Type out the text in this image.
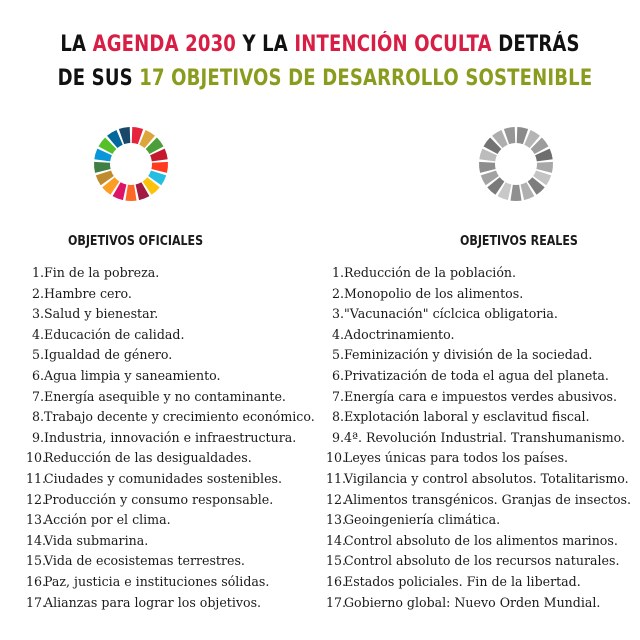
LA AGENDA 2030 Y LA INTENCIÓN OCULTA DETRÁS
DE SUS 17 OBJETIVOS DE DESARROLLO SOSTENIBLE
OBJETIVOS OFICIALES	OBJETIVOS REALES
1. Fin de la pobreza.
2. Hambre cero.
3. Salud y bienestar.
4. Educación de calidad.
5. Igualdad de género.
6. Agua limpia y saneamiento.
7. Energía asequible y no contaminante.
8. Trabajo decente y crecimiento económico.
9. Industria, innovación e infraestructura.
10.
Reducción de las desigualdades.
11.
Ciudades y comunidades sostenibles.
12.
Producción y consumo responsable.
13.
Acción por el clima.
14.
Vida submarina.
15.
Vida de ecosistemas terrestres.
16.
Paz, justicia e instituciones sólidas.
17.
Alianzas para lograr los objetivos.
1. Reducción de la población.
2. Monopolio de los alimentos.
3. "Vacunación" cíclcica obligatoria.
4. Adoctrinamiento.
5. Feminización y división de la sociedad.
6. Privatización de toda el agua del planeta.
7. Energía cara e impuestos verdes abusivos.
8. Explotación laboral y esclavitud fiscal.
9. 4ª. Revolución Industrial. Transhumanismo.
10.
Leyes únicas para todos los países.
11.
Vigilancia y control absolutos. Totalitarismo.
12.
Alimentos transgénicos. Granjas de insectos.
13.
Geoingeniería climática.
14.
Control absoluto de los alimentos marinos.
15.
Control absoluto de los recursos naturales.
16.
Estados policiales. Fin de la libertad.
17.
Gobierno global: Nuevo Orden Mundial.
